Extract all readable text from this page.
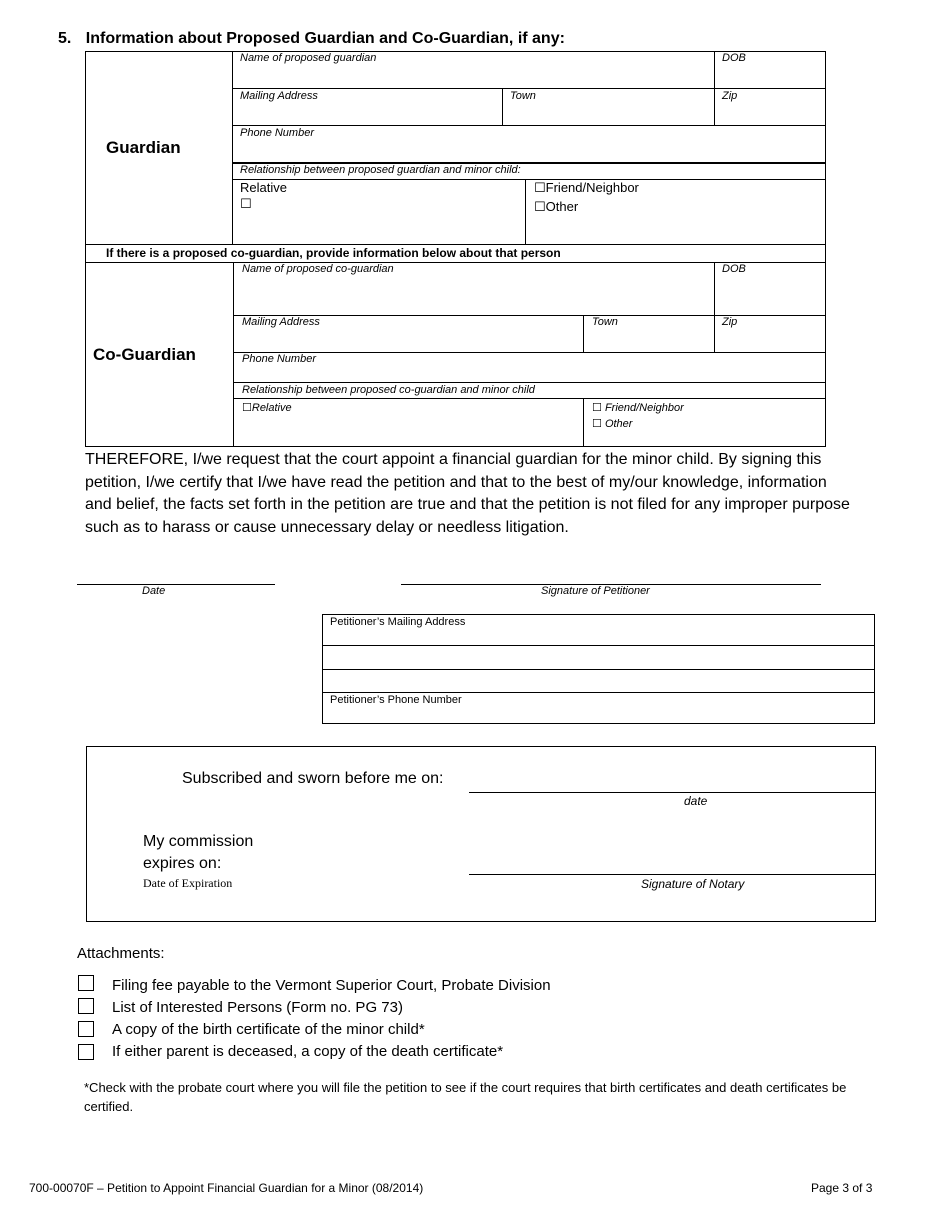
5. Information about Proposed Guardian and Co-Guardian, if any:
Guardian
Name of proposed guardian	DOB
Mailing Address	Town	Zip
Phone Number
Relationship between proposed guardian and minor child:
Relative
☐
☐Friend/Neighbor
☐Other
If there is a proposed co-guardian, provide information below about that person
Co-Guardian
Name of proposed co-guardian	DOB
Mailing Address	Town	Zip
Phone Number
Relationship between proposed co-guardian and minor child
☐Relative	☐ Friend/Neighbor
☐ Other
THEREFORE, I/we request that the court appoint a financial guardian for the minor child. By signing this petition, I/we certify that I/we have read the petition and that to the best of my/our knowledge, information and belief, the facts set forth in the petition are true and that the petition is not filed for any improper purpose such as to harass or cause unnecessary delay or needless litigation.
Date	Signature of Petitioner
Petitioner’s Mailing Address
Petitioner’s Phone Number
Subscribed and sworn before me on:
date
My commission
expires on:
Date of Expiration	Signature of Notary
Attachments:
Filing fee payable to the Vermont Superior Court, Probate Division
List of Interested Persons (Form no. PG 73)
A copy of the birth certificate of the minor child*
If either parent is deceased, a copy of the death certificate*
*Check with the probate court where you will file the petition to see if the court requires that birth certificates and death certificates be certified.
700-00070F – Petition to Appoint Financial Guardian for a Minor (08/2014)	Page 3 of 3
